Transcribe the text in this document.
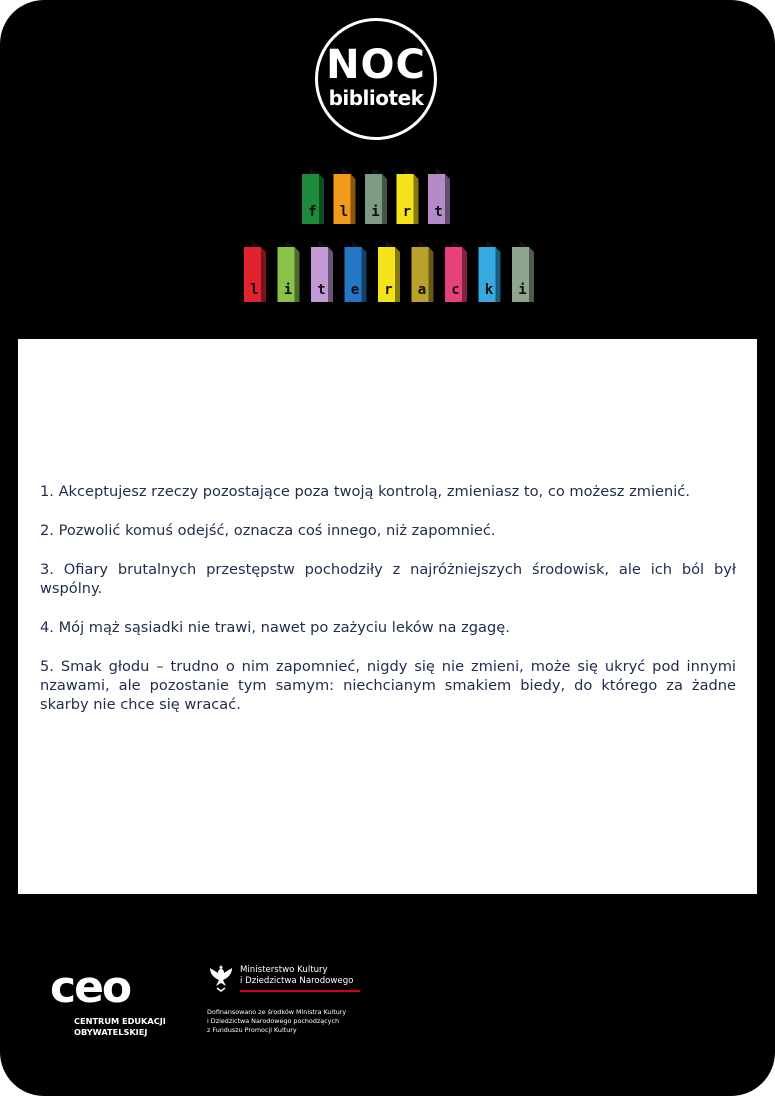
NOC
bibliotek
f l i r t
l i t e r a c k i

1. Akceptujesz rzeczy pozostające poza twoją kontrolą, zmieniasz to, co możesz zmienić.

2. Pozwolić komuś odejść, oznacza coś innego, niż zapomnieć.

3. Ofiary brutalnych przestępstw pochodziły z najróżniejszych środowisk, ale ich ból był wspólny.

4. Mój mąż sąsiadki nie trawi, nawet po zażyciu leków na zgagę.

5. Smak głodu – trudno o nim zapomnieć, nigdy się nie zmieni, może się ukryć pod innymi nzawami, ale pozostanie tym samym: niechcianym smakiem biedy, do którego za żadne skarby nie chce się wracać.

ceo
CENTRUM EDUKACJI
OBYWATELSKIEJ
Ministerstwo Kultury
i Dziedzictwa Narodowego
Dofinansowano ze środków Ministra Kultury
i Dziedzictwa Narodowego pochodzących
z Funduszu Promocji Kultury
